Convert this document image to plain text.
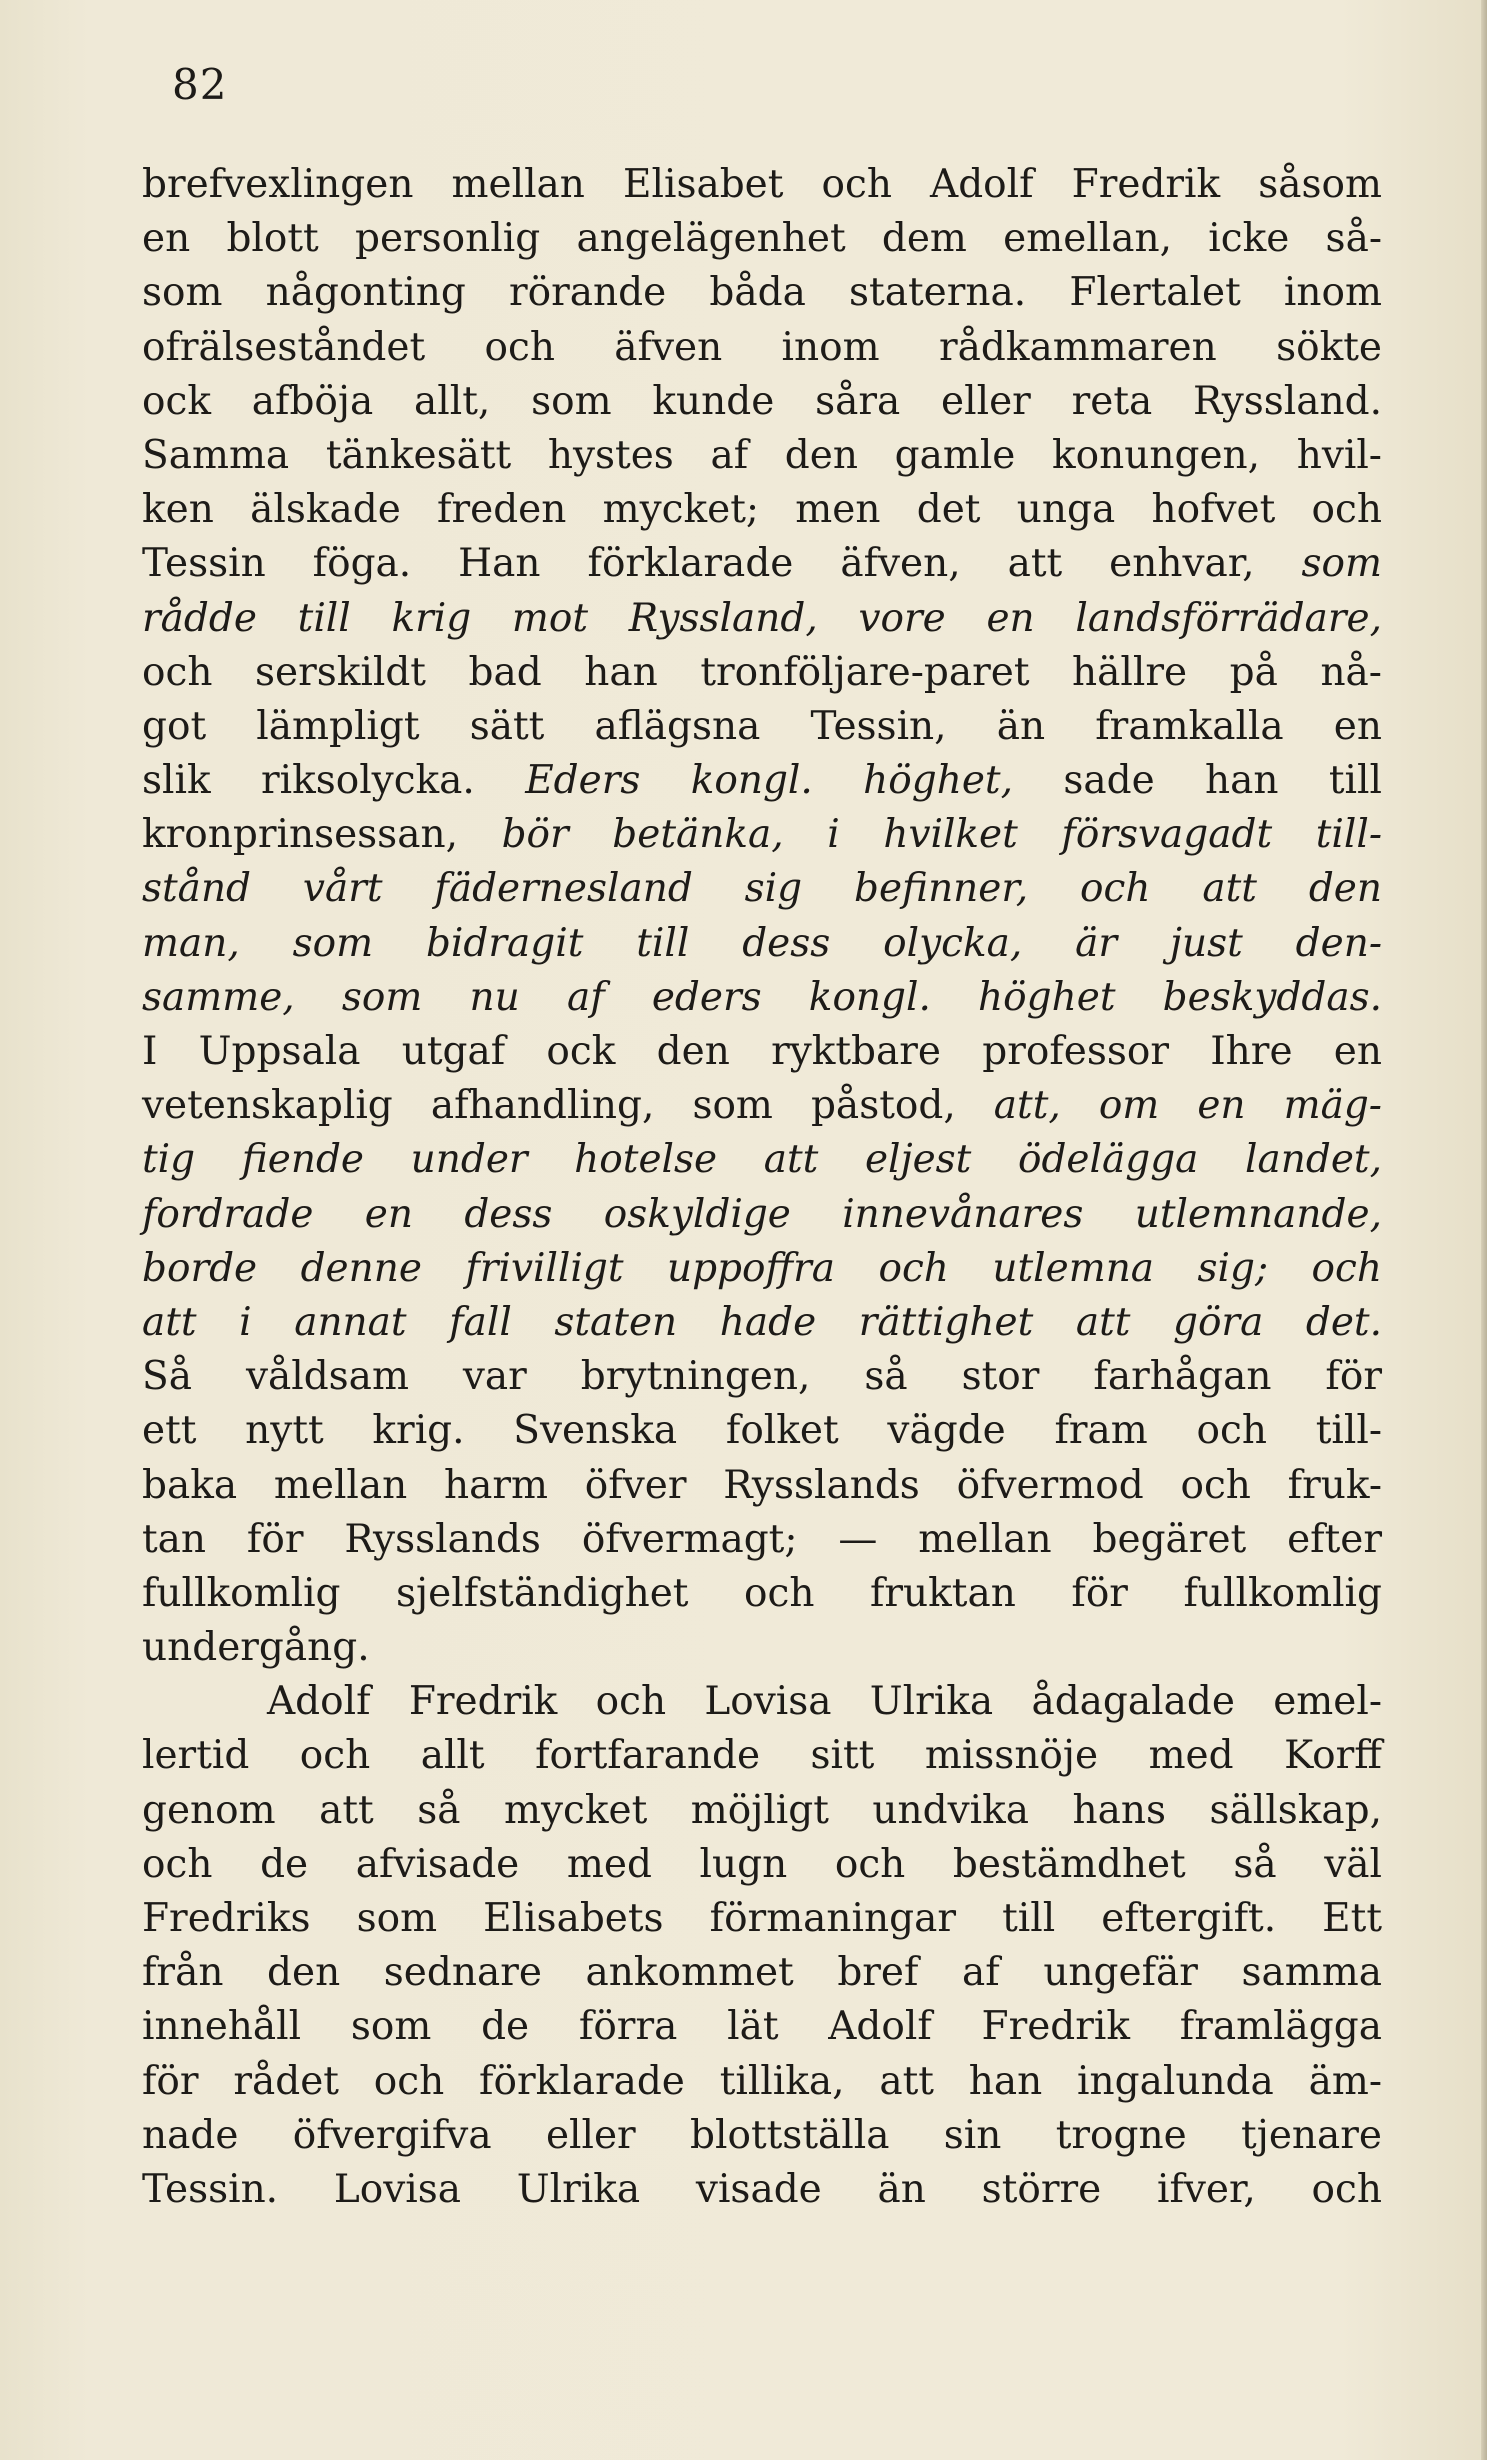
82
brefvexlingen mellan Elisabet och Adolf Fredrik såsom
en blott personlig angelägenhet dem emellan, icke så-
som någonting rörande båda staterna. Flertalet inom
ofrälseståndet och äfven inom rådkammaren sökte
ock afböja allt, som kunde såra eller reta Ryssland.
Samma tänkesätt hystes af den gamle konungen, hvil-
ken älskade freden mycket; men det unga hofvet och
Tessin föga. Han förklarade äfven, att enhvar, som
rådde till krig mot Ryssland, vore en landsförrädare,
och serskildt bad han tronföljare-paret hällre på nå-
got lämpligt sätt aflägsna Tessin, än framkalla en
slik riksolycka. Eders kongl. höghet, sade han till
kronprinsessan, bör betänka, i hvilket försvagadt till-
stånd vårt fädernesland sig befinner, och att den
man, som bidragit till dess olycka, är just den-
samme, som nu af eders kongl. höghet beskyddas.
I Uppsala utgaf ock den ryktbare professor Ihre en
vetenskaplig afhandling, som påstod, att, om en mäg-
tig fiende under hotelse att eljest ödelägga landet,
fordrade en dess oskyldige innevånares utlemnande,
borde denne frivilligt uppoffra och utlemna sig; och
att i annat fall staten hade rättighet att göra det.
Så våldsam var brytningen, så stor farhågan för
ett nytt krig. Svenska folket vägde fram och till-
baka mellan harm öfver Rysslands öfvermod och fruk-
tan för Rysslands öfvermagt; — mellan begäret efter
fullkomlig sjelfständighet och fruktan för fullkomlig
undergång.
Adolf Fredrik och Lovisa Ulrika ådagalade emel-
lertid och allt fortfarande sitt missnöje med Korff
genom att så mycket möjligt undvika hans sällskap,
och de afvisade med lugn och bestämdhet så väl
Fredriks som Elisabets förmaningar till eftergift. Ett
från den sednare ankommet bref af ungefär samma
innehåll som de förra lät Adolf Fredrik framlägga
för rådet och förklarade tillika, att han ingalunda äm-
nade öfvergifva eller blottställa sin trogne tjenare
Tessin. Lovisa Ulrika visade än större ifver, och
